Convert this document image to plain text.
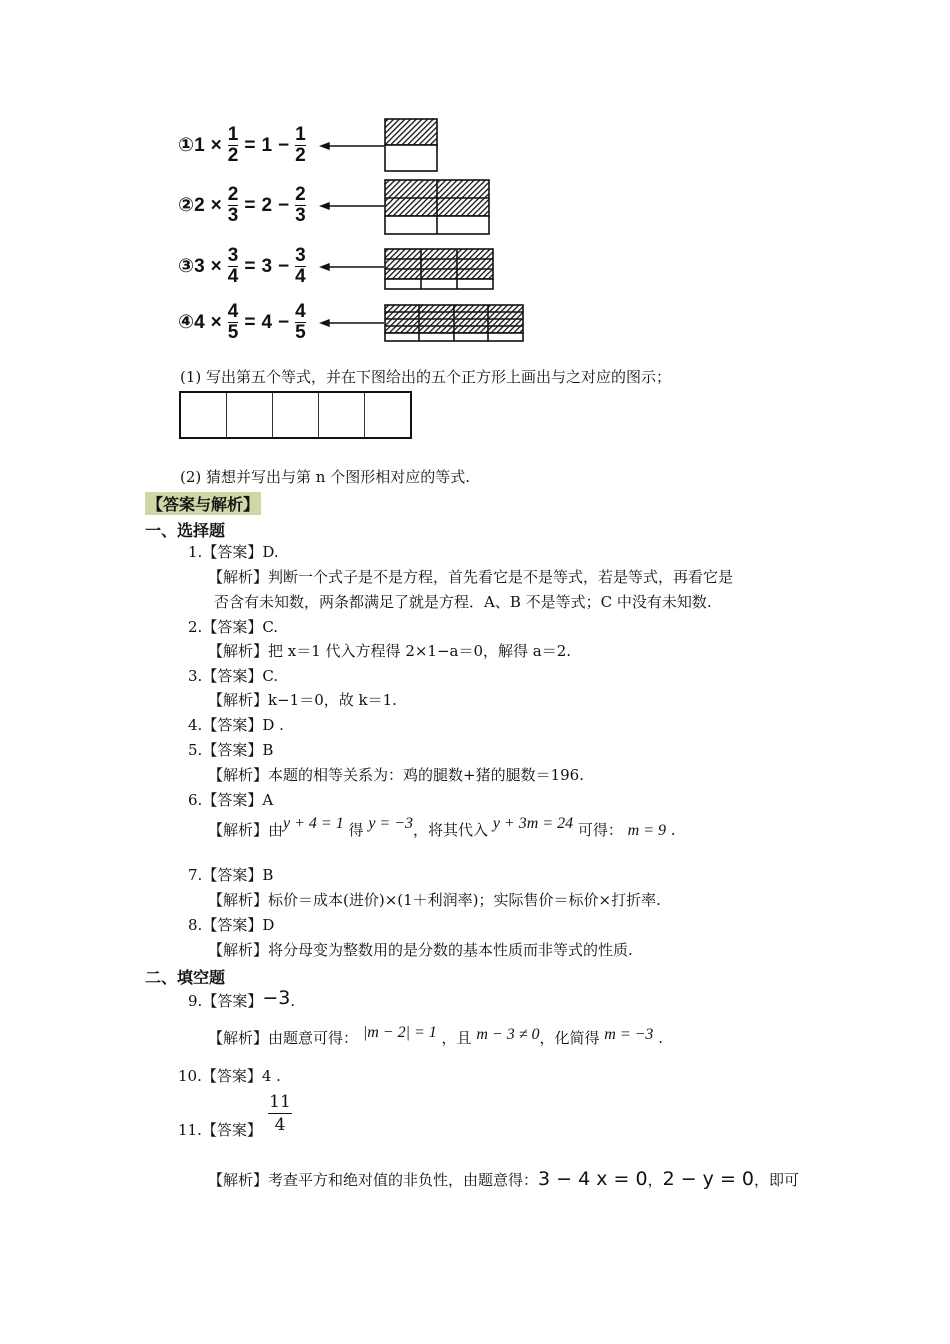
① $1 \times \frac{1}{2} = 1 - \frac{1}{2}$
② $2 \times \frac{2}{3} = 2 - \frac{2}{3}$
③ $3 \times \frac{3}{4} = 3 - \frac{3}{4}$
④ $4 \times \frac{4}{5} = 4 - \frac{4}{5}$
(1) 写出第五个等式，并在下图给出的五个正方形上画出与之对应的图示；
(2) 猜想并写出与第 n 个图形相对应的等式.
【答案与解析】
一、选择题
1.【答案】D.
【解析】判断一个式子是不是方程，首先看它是不是等式，若是等式，再看它是
否含有未知数，两条都满足了就是方程．A、B 不是等式；C 中没有未知数.
2.【答案】C.
【解析】把 x＝1 代入方程得 2×1−a＝0，解得 a＝2.
3.【答案】C.
【解析】k−1＝0，故 k＝1.
4.【答案】D .
5.【答案】B
【解析】本题的相等关系为：鸡的腿数+猪的腿数＝196.
6.【答案】A
【解析】由y + 4 = 1 得 y = −3，将其代入 y + 3m = 24 可得： m = 9 .
7.【答案】B
【解析】标价＝成本(进价)×(1＋利润率)；实际售价＝标价×打折率.
8.【答案】D
【解析】将分母变为整数用的是分数的基本性质而非等式的性质.
二、填空题
9.【答案】−3.
【解析】由题意可得： |m − 2| = 1 ，且 m − 3 ≠ 0，化简得 m = −3 .
10.【答案】4 .
11.【答案】
11
4
【解析】考查平方和绝对值的非负性，由题意得：3 − 4 x = 0，2 − y = 0，即可
